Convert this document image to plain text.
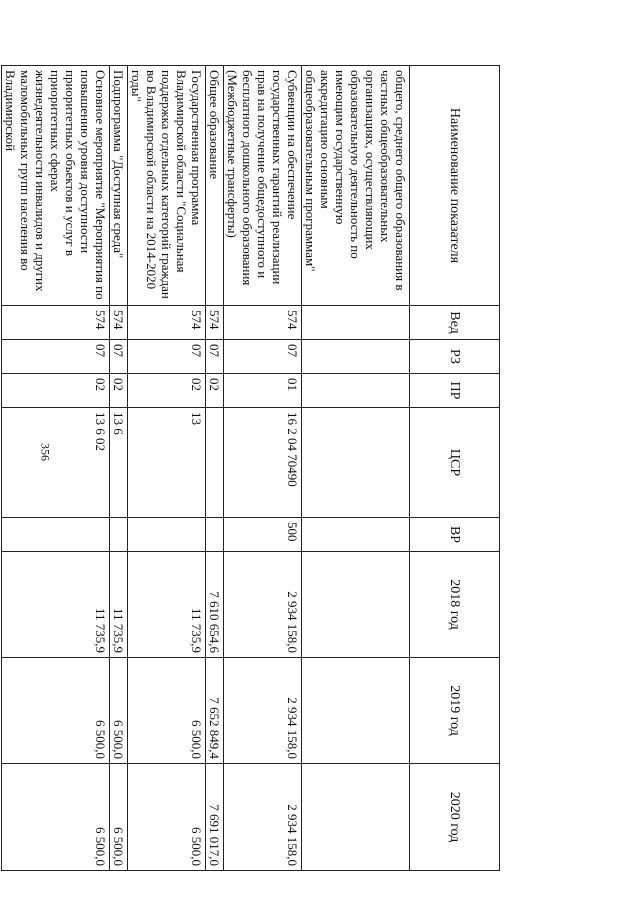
356
Наименование показателя	Вед	РЗ	ПР	ЦСР	ВР	2018 год	2019 год	2020 год
общего, среднего общего образования в частных общеобразовательных организациях, осуществляющих образовательную деятельность по имеющим государственную аккредитацию основным общеобразовательным программам"								
Субвенции на обеспечение государственных гарантий реализации прав на получение общедоступного и бесплатного дошкольного образования (Межбюджетные трансферты)	574	07	01	16 2 04 70490	500	2 934 158,0	2 934 158,0	2 934 158,0
Общее образование	574	07	02			7 610 654,6	7 652 849,4	7 691 017,0
Государственная программа Владимирской области "Социальная поддержка отдельных категорий граждан во Владимирской области на 2014-2020 годы"	574	07	02	13		11 735,9	6 500,0	6 500,0
Подпрограмма "Доступная среда"	574	07	02	13 6		11 735,9	6 500,0	6 500,0
Основное мероприятие "Мероприятия по повышению уровня доступности приоритетных объектов и услуг в приоритетных сферах жизнедеятельности инвалидов и других маломобильных групп населения во Владимирской	574	07	02	13 6 02		11 735,9	6 500,0	6 500,0
